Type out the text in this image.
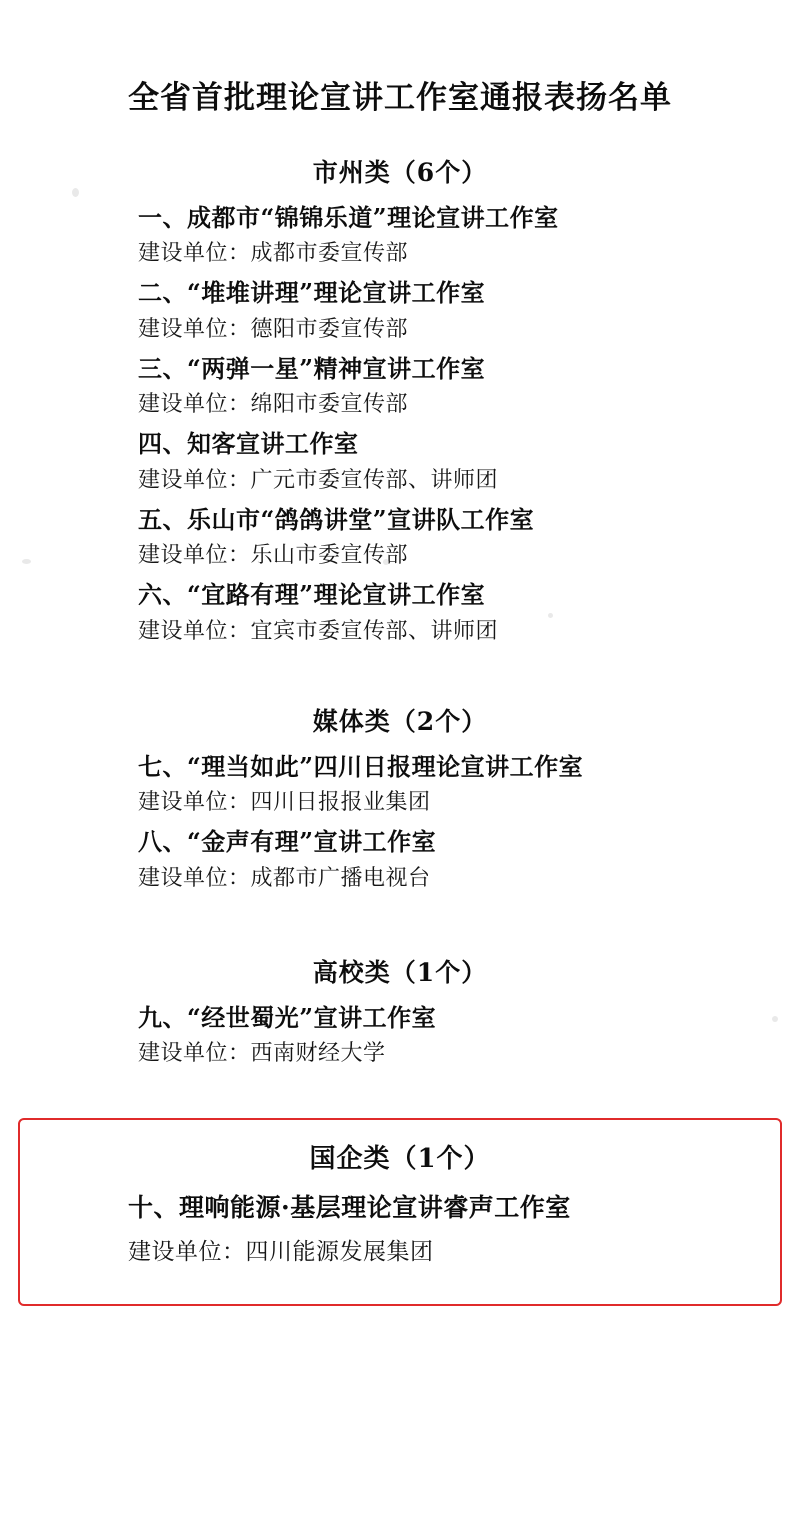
全省首批理论宣讲工作室通报表扬名单
市州类（6个）
一、成都市“锦锦乐道”理论宣讲工作室
建设单位：成都市委宣传部
二、“堆堆讲理”理论宣讲工作室
建设单位：德阳市委宣传部
三、“两弹一星”精神宣讲工作室
建设单位：绵阳市委宣传部
四、知客宣讲工作室
建设单位：广元市委宣传部、讲师团
五、乐山市“鸽鸽讲堂”宣讲队工作室
建设单位：乐山市委宣传部
六、“宜路有理”理论宣讲工作室
建设单位：宜宾市委宣传部、讲师团
媒体类（2个）
七、“理当如此”四川日报理论宣讲工作室
建设单位：四川日报报业集团
八、“金声有理”宣讲工作室
建设单位：成都市广播电视台
高校类（1个）
九、“经世蜀光”宣讲工作室
建设单位：西南财经大学
国企类（1个）
十、理响能源·基层理论宣讲睿声工作室
建设单位：四川能源发展集团
